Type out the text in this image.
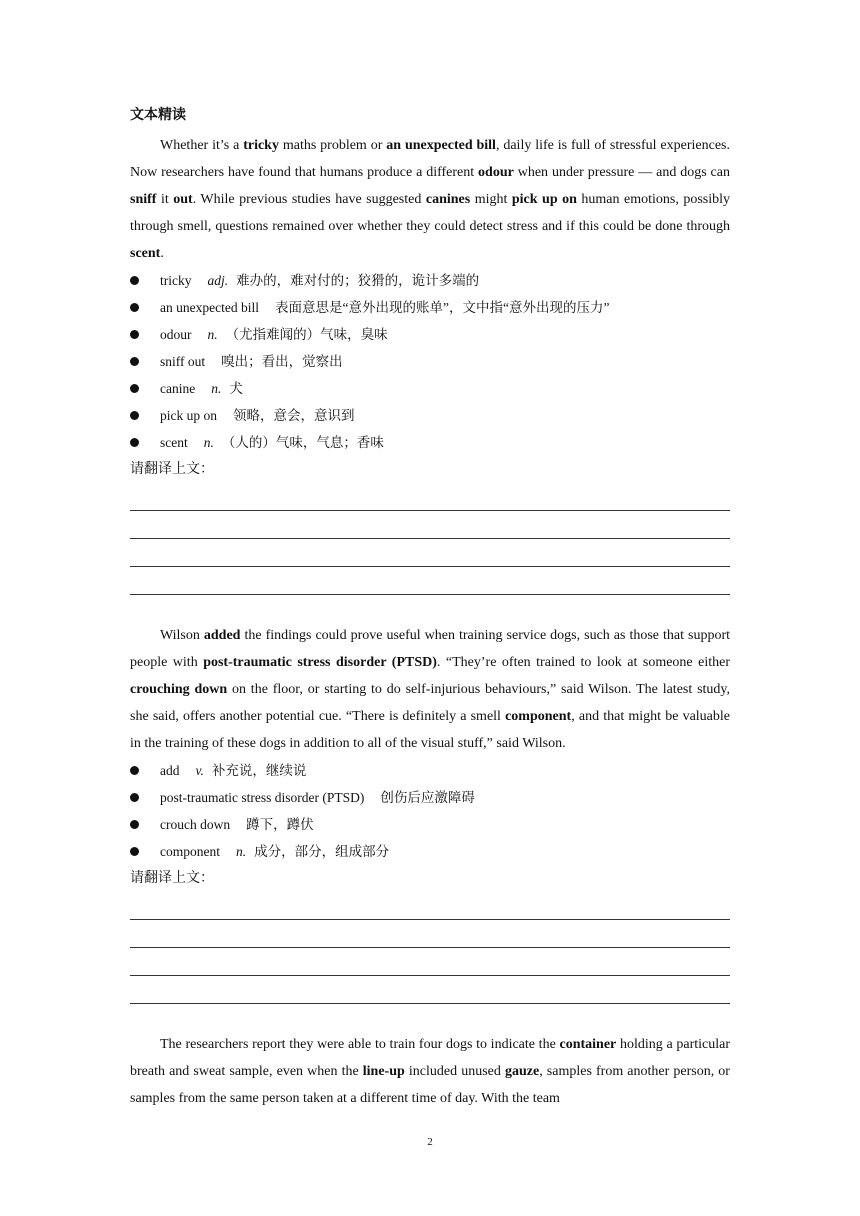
文本精读

Whether it’s a tricky maths problem or an unexpected bill, daily life is full of stressful experiences. Now researchers have found that humans produce a different odour when under pressure — and dogs can sniff it out. While previous studies have suggested canines might pick up on human emotions, possibly through smell, questions remained over whether they could detect stress and if this could be done through scent.

tricky adj. 难办的，难对付的；狡猾的，诡计多端的
an unexpected bill 表面意思是“意外出现的账单”，文中指“意外出现的压力”
odour n. （尤指难闻的）气味，臭味
sniff out 嗅出；看出，觉察出
canine n. 犬
pick up on 领略，意会，意识到
scent n. （人的）气味，气息；香味

请翻译上文：

Wilson added the findings could prove useful when training service dogs, such as those that support people with post-traumatic stress disorder (PTSD). “They’re often trained to look at someone either crouching down on the floor, or starting to do self-injurious behaviours,” said Wilson. The latest study, she said, offers another potential cue. “There is definitely a smell component, and that might be valuable in the training of these dogs in addition to all of the visual stuff,” said Wilson.

add v. 补充说，继续说
post-traumatic stress disorder (PTSD) 创伤后应激障碍
crouch down 蹲下，蹲伏
component n. 成分，部分，组成部分

请翻译上文：

The researchers report they were able to train four dogs to indicate the container holding a particular breath and sweat sample, even when the line-up included unused gauze, samples from another person, or samples from the same person taken at a different time of day. With the team

2
